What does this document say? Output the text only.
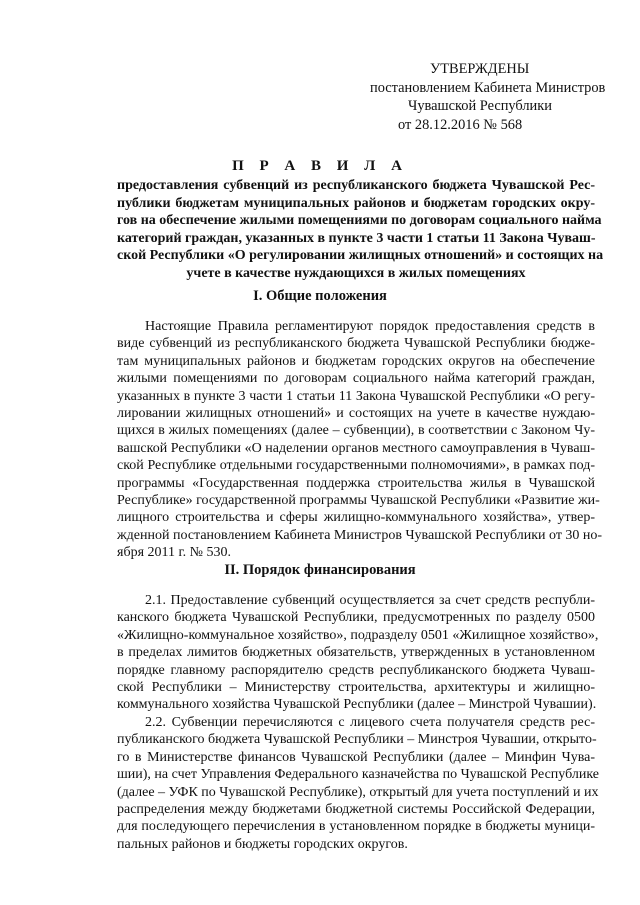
УТВЕРЖДЕНЫ
постановлением Кабинета Министров
Чувашской Республики
от 28.12.2016 № 568
П Р А В И Л А
предоставления субвенций из республиканского бюджета Чувашской Рес-
публики бюджетам муниципальных районов и бюджетам городских окру-
гов на обеспечение жилыми помещениями по договорам социального найма
категорий граждан, указанных в пункте 3 части 1 статьи 11 Закона Чуваш-
ской Республики «О регулировании жилищных отношений» и состоящих на
учете в качестве нуждающихся в жилых помещениях
I. Общие положения
Настоящие Правила регламентируют порядок предоставления средств в
виде субвенций из республиканского бюджета Чувашской Республики бюдже-
там муниципальных районов и бюджетам городских округов на обеспечение
жилыми помещениями по договорам социального найма категорий граждан,
указанных в пункте 3 части 1 статьи 11 Закона Чувашской Республики «О регу-
лировании жилищных отношений» и состоящих на учете в качестве нуждаю-
щихся в жилых помещениях (далее – субвенции), в соответствии с Законом Чу-
вашской Республики «О наделении органов местного самоуправления в Чуваш-
ской Республике отдельными государственными полномочиями», в рамках под-
программы «Государственная поддержка строительства жилья в Чувашской
Республике» государственной программы Чувашской Республики «Развитие жи-
лищного строительства и сферы жилищно-коммунального хозяйства», утвер-
жденной постановлением Кабинета Министров Чувашской Республики от 30 но-
ября 2011 г. № 530.
II. Порядок финансирования
2.1. Предоставление субвенций осуществляется за счет средств республи-
канского бюджета Чувашской Республики, предусмотренных по разделу 0500
«Жилищно-коммунальное хозяйство», подразделу 0501 «Жилищное хозяйство»,
в пределах лимитов бюджетных обязательств, утвержденных в установленном
порядке главному распорядителю средств республиканского бюджета Чуваш-
ской Республики – Министерству строительства, архитектуры и жилищно-
коммунального хозяйства Чувашской Республики (далее – Минстрой Чувашии).
2.2. Субвенции перечисляются с лицевого счета получателя средств рес-
публиканского бюджета Чувашской Республики – Минстроя Чувашии, открыто-
го в Министерстве финансов Чувашской Республики (далее – Минфин Чува-
шии), на счет Управления Федерального казначейства по Чувашской Республике
(далее – УФК по Чувашской Республике), открытый для учета поступлений и их
распределения между бюджетами бюджетной системы Российской Федерации,
для последующего перечисления в установленном порядке в бюджеты муници-
пальных районов и бюджеты городских округов.
